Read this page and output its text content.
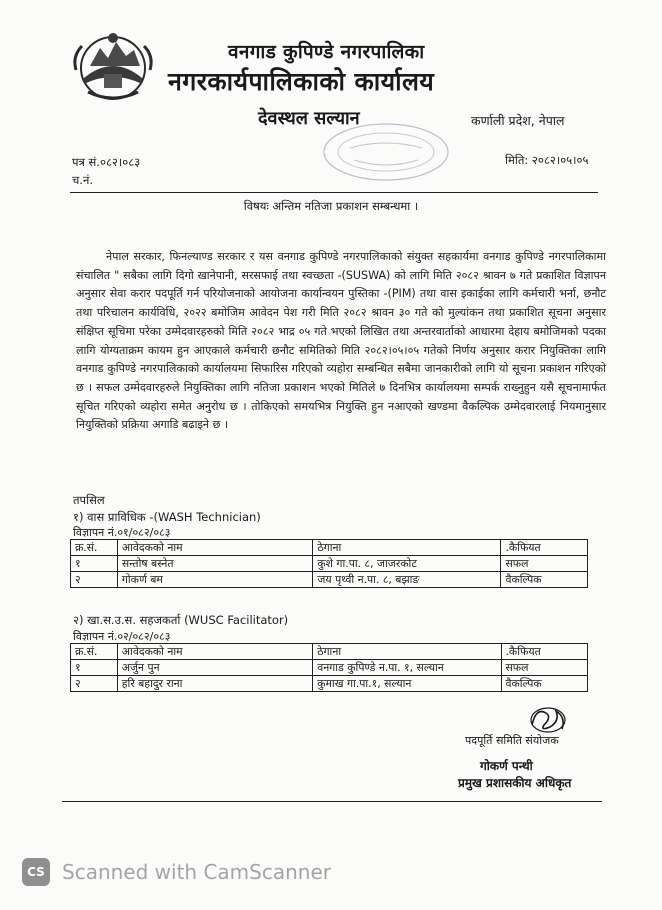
वनगाड कुपिण्डे नगरपालिका
नगरकार्यपालिकाको कार्यालय
देवस्थल सल्यान	कर्णाली प्रदेश, नेपाल
पत्र सं.०८२।०८३
च.नं.
मिति: २०८२।०५।०५
विषयः अन्तिम नतिजा प्रकाशन सम्बन्धमा ।
नेपाल सरकार, फिनल्याण्ड सरकार र यस वनगाड कुपिण्डे नगरपालिकाको संयुक्त सहकार्यमा वनगाड कुपिण्डे नगरपालिकामा संचालित " सबैका लागि दिगो खानेपानी, सरसफाई तथा स्वच्छता -(SUSWA) को लागि मिति २०८२ श्रावन ७ गते प्रकाशित विज्ञापन अनुसार सेवा करार पदपूर्ति गर्न परियोजनाको आयोजना कार्यान्वयन पुस्तिका -(PIM) तथा वास इकाईका लागि कर्मचारी भर्ना, छनौट तथा परिचालन कार्यविधि, २०२२ बमोजिम आवेदन पेश गरी मिति २०८२ श्रावन ३० गते को मुल्यांकन तथा प्रकाशित सूचना अनुसार संक्षिप्त सूचिमा परेका उम्मेदवारहरुको मिति २०८२ भाद्र ०५ गते भएको लिखित तथा अन्तरवार्ताको आधारमा देहाय बमोजिमको पदका लागि योग्यताक्रम कायम हुन आएकाले कर्मचारी छनौट समितिको मिति २०८२।०५।०५ गतेको निर्णय अनुसार करार नियुक्तिका लागि वनगाड कुपिण्डे नगरपालिकाको कार्यालयमा सिफारिस गरिएको व्यहोरा सम्बन्धित सबैमा जानकारीको लागि यो सूचना प्रकाशन गरिएको छ । सफल उम्मेदवारहरुले नियुक्तिका लागि नतिजा प्रकाशन भएको मितिले ७ दिनभित्र कार्यालयमा सम्पर्क राख्नुहुन यसै सूचनामार्फत सूचित गरिएको व्यहोरा समेत अनुरोध छ । तोकिएको समयभित्र नियुक्ति हुन नआएको खण्डमा वैकल्पिक उम्मेदवारलाई नियमानुसार नियुक्तिको प्रक्रिया अगाडि बढाइने छ ।
तपसिल
१) वास प्राविधिक -(WASH Technician)
विज्ञापन नं.०१/०८२/०८३
क्र.सं.	आवेदकको नाम	ठेगाना	.कैफियत
१	सन्तोष बस्नेत	कुशे गा.पा. ८, जाजरकोट	सफल
२	गोकर्ण बम	जय पृथ्वी न.पा. ८, बझाङ	वैकल्पिक
२) खा.स.उ.स. सहजकर्ता (WUSC Facilitator)
विज्ञापन नं.०२/०८२/०८३
क्र.सं.	आवेदकको नाम	ठेगाना	.कैफियत
१	अर्जुन पुन	वनगाड कुपिण्डे न.पा. १, सल्यान	सफल
२	हरि बहादुर राना	कुमाख गा.पा.१, सल्यान	वैकल्पिक
पदपूर्ति समिति संयोजक
गोकर्ण पन्थी
प्रमुख प्रशासकीय अधिकृत
CS Scanned with CamScanner
